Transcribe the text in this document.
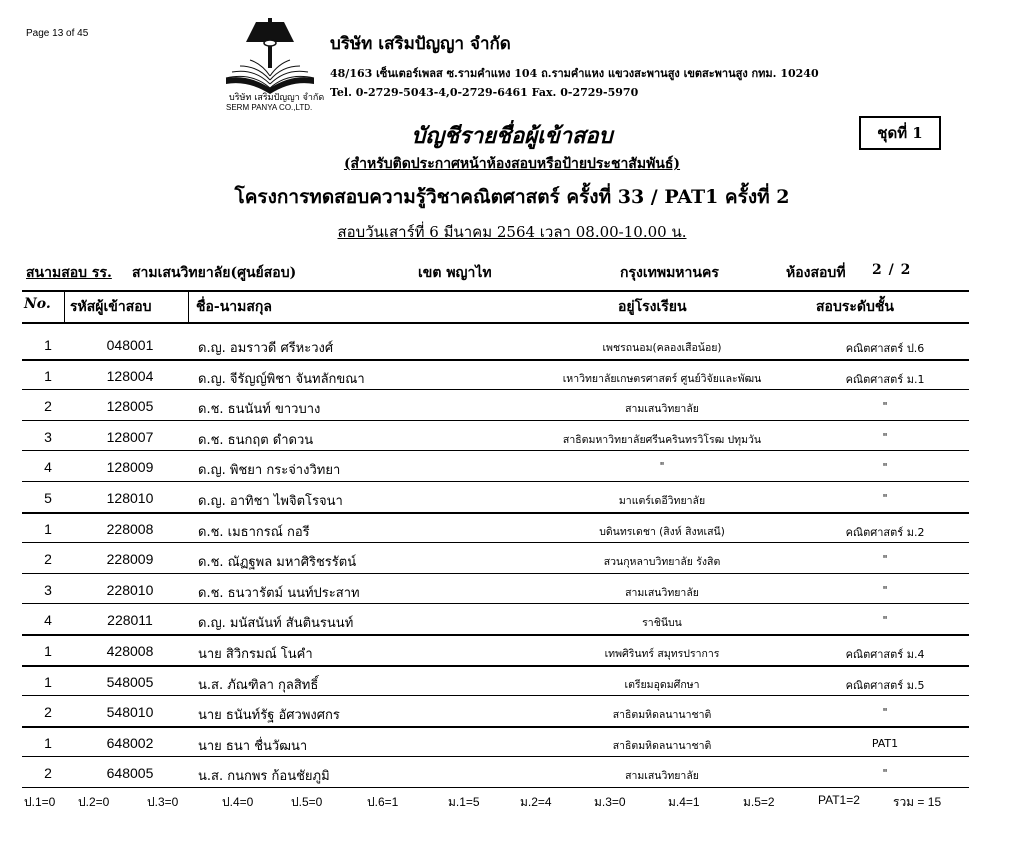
Page 13 of 45
บริษัท เสริมปัญญา จำกัด
SERM PANYA CO.,LTD.
บริษัท เสริมปัญญา จำกัด
48/163 เซ็นเตอร์เพลส ซ.รามคำแหง 104 ถ.รามคำแหง แขวงสะพานสูง เขตสะพานสูง กทม. 10240
Tel. 0-2729-5043-4,0-2729-6461 Fax. 0-2729-5970
ชุดที่ 1
บัญชีรายชื่อผู้เข้าสอบ
(สำหรับติดประกาศหน้าห้องสอบหรือป้ายประชาสัมพันธ์)
โครงการทดสอบความรู้วิชาคณิตศาสตร์ ครั้งที่ 33 / PAT1 ครั้งที่ 2
สอบวันเสาร์ที่ 6 มีนาคม 2564 เวลา 08.00-10.00 น.
สนามสอบ รร. สามเสนวิทยาลัย(ศูนย์สอบ)	เขต พญาไท	กรุงเทพมหานคร	ห้องสอบที่ 2 / 2
No. รหัสผู้เข้าสอบ	ชื่อ-นามสกุล	อยู่โรงเรียน	สอบระดับชั้น
1	048001	ด.ญ. อมราวดี ศรีหะวงศ์	เพชรถนอม(คลองเสือน้อย)	คณิตศาสตร์ ป.6
1	128004	ด.ญ. จีรัญญ์พิชา จันทลักขณา	เหาวิทยาลัยเกษตรศาสตร์ ศูนย์วิจัยและพัฒน	คณิตศาสตร์ ม.1
2	128005	ด.ช. ธนนันท์ ขาวบาง	สามเสนวิทยาลัย	"
3	128007	ด.ช. ธนกฤต ดำดวน	สาธิตมหาวิทยาลัยศรีนครินทรวิโรฒ ปทุมวัน	"
4	128009	ด.ญ. พิชยา กระจ่างวิทยา	"	"
5	128010	ด.ญ. อาทิชา ไพจิตโรจนา	มาแตร์เดอีวิทยาลัย	"
1	228008	ด.ช. เมธากรณ์ กอรี	บดินทรเดชา (สิงห์ สิงหเสนี)	คณิตศาสตร์ ม.2
2	228009	ด.ช. ณัฏฐพล มหาศิริชรรัตน์	สวนกุหลาบวิทยาลัย รังสิต	"
3	228010	ด.ช. ธนวารัตม์ นนท์ประสาท	สามเสนวิทยาลัย	"
4	228011	ด.ญ. มนัสนันท์ สันตินรนนท์	ราชินีบน	"
1	428008	นาย สิวิกรมณ์ โนคำ	เทพศิรินทร์ สมุทรปราการ	คณิตศาสตร์ ม.4
1	548005	น.ส. ภัณฑิลา กุลสิทธิ์	เตรียมอุดมศึกษา	คณิตศาสตร์ ม.5
2	548010	นาย ธนันท์รัฐ อัศวพงศกร	สาธิตมหิดลนานาชาติ	"
1	648002	นาย ธนา ชื่นวัฒนา	สาธิตมหิดลนานาชาติ	PAT1
2	648005	น.ส. กนกพร ก้อนชัยภูมิ	สามเสนวิทยาลัย	"
ป.1=0 ป.2=0	ป.3=0	ป.4=0	ป.5=0	ป.6=1	ม.1=5	ม.2=4	ม.3=0	ม.4=1	ม.5=2	PAT1=2	รวม = 15
